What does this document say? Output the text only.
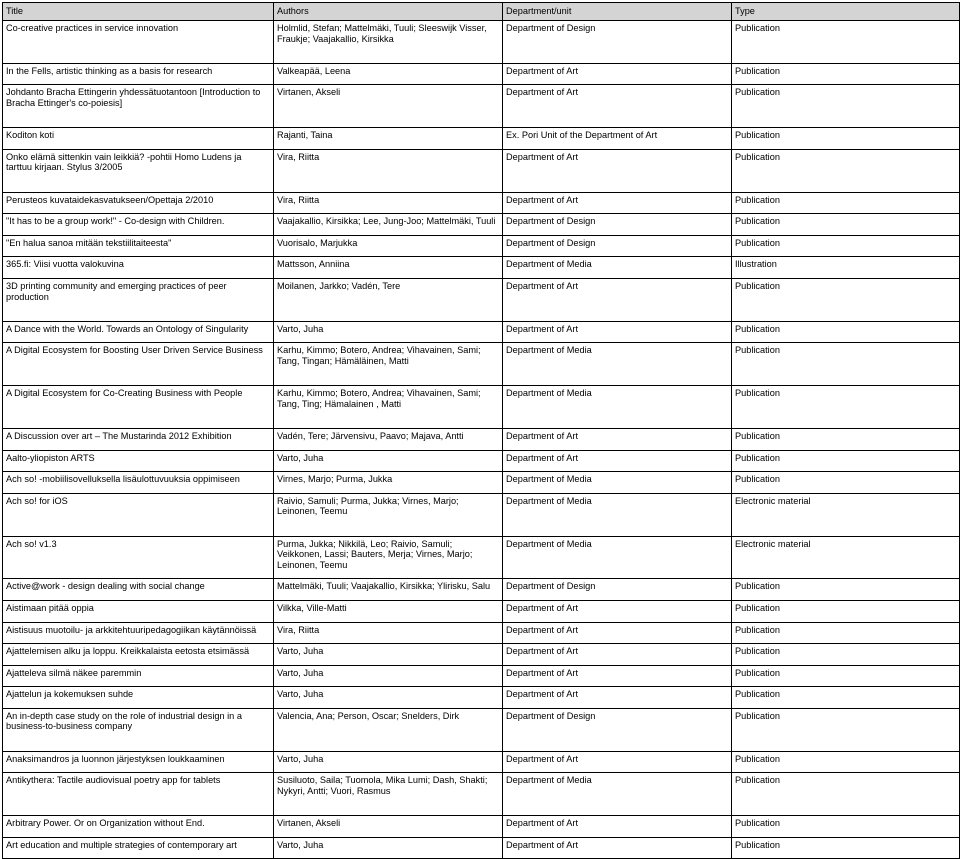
Title	Authors	Department/unit	Type
Co-creative practices in service innovation	Holmlid, Stefan; Mattelmäki, Tuuli; Sleeswijk Visser, Fraukje; Vaajakallio, Kirsikka	Department of Design	Publication
In the Fells, artistic thinking as a basis for research	Valkeapää, Leena	Department of Art	Publication
Johdanto Bracha Ettingerin yhdessätuotantoon [Introduction to Bracha Ettinger's co-poiesis]	Virtanen, Akseli	Department of Art	Publication
Koditon koti	Rajanti, Taina	Ex. Pori Unit of the Department of Art	Publication
Onko elämä sittenkin vain leikkiä? -pohtii Homo Ludens ja tarttuu kirjaan. Stylus 3/2005	Vira, Riitta	Department of Art	Publication
Perusteos kuvataidekasvatukseen/Opettaja 2/2010	Vira, Riitta	Department of Art	Publication
"It has to be a group work!" - Co-design with Children.	Vaajakallio, Kirsikka; Lee, Jung-Joo; Mattelmäki, Tuuli	Department of Design	Publication
"En halua sanoa mitään tekstiilitaiteesta"	Vuorisalo, Marjukka	Department of Design	Publication
365.fi: Viisi vuotta valokuvina	Mattsson, Anniina	Department of Media	Illustration
3D printing community and emerging practices of peer production	Moilanen, Jarkko; Vadén, Tere	Department of Art	Publication
A Dance with the World. Towards an Ontology of Singularity	Varto, Juha	Department of Art	Publication
A Digital Ecosystem for Boosting User Driven Service Business	Karhu, Kimmo; Botero, Andrea; Vihavainen, Sami; Tang, Tingan; Hämäläinen, Matti	Department of Media	Publication
A Digital Ecosystem for Co-Creating Business with People	Karhu, Kimmo; Botero, Andrea; Vihavainen, Sami; Tang, Ting; Hämalainen , Matti	Department of Media	Publication
A Discussion over art – The Mustarinda 2012 Exhibition	Vadén, Tere; Järvensivu, Paavo; Majava, Antti	Department of Art	Publication
Aalto-yliopiston ARTS	Varto, Juha	Department of Art	Publication
Ach so! -mobiilisovelluksella lisäulottuvuuksia oppimiseen	Virnes, Marjo; Purma, Jukka	Department of Media	Publication
Ach so! for iOS	Raivio, Samuli; Purma, Jukka; Virnes, Marjo; Leinonen, Teemu	Department of Media	Electronic material
Ach so! v1.3	Purma, Jukka; Nikkilä, Leo; Raivio, Samuli; Veikkonen, Lassi; Bauters, Merja; Virnes, Marjo; Leinonen, Teemu	Department of Media	Electronic material
Active@work - design dealing with social change	Mattelmäki, Tuuli; Vaajakallio, Kirsikka; Ylirisku, Salu	Department of Design	Publication
Aistimaan pitää oppia	Vilkka, Ville-Matti	Department of Art	Publication
Aistisuus muotoilu- ja arkkitehtuuripedagogiikan käytännöissä	Vira, Riitta	Department of Art	Publication
Ajattelemisen alku ja loppu. Kreikkalaista eetosta etsimässä	Varto, Juha	Department of Art	Publication
Ajatteleva silmä näkee paremmin	Varto, Juha	Department of Art	Publication
Ajattelun ja kokemuksen suhde	Varto, Juha	Department of Art	Publication
An in-depth case study on the role of industrial design in a business-to-business company	Valencia, Ana; Person, Oscar; Snelders, Dirk	Department of Design	Publication
Anaksimandros ja luonnon järjestyksen loukkaaminen	Varto, Juha	Department of Art	Publication
Antikythera: Tactile audiovisual poetry app for tablets	Susiluoto, Saila; Tuomola, Mika Lumi; Dash, Shakti; Nykyri, Antti; Vuori, Rasmus	Department of Media	Publication
Arbitrary Power. Or on Organization without End.	Virtanen, Akseli	Department of Art	Publication
Art education and multiple strategies of contemporary art	Varto, Juha	Department of Art	Publication
